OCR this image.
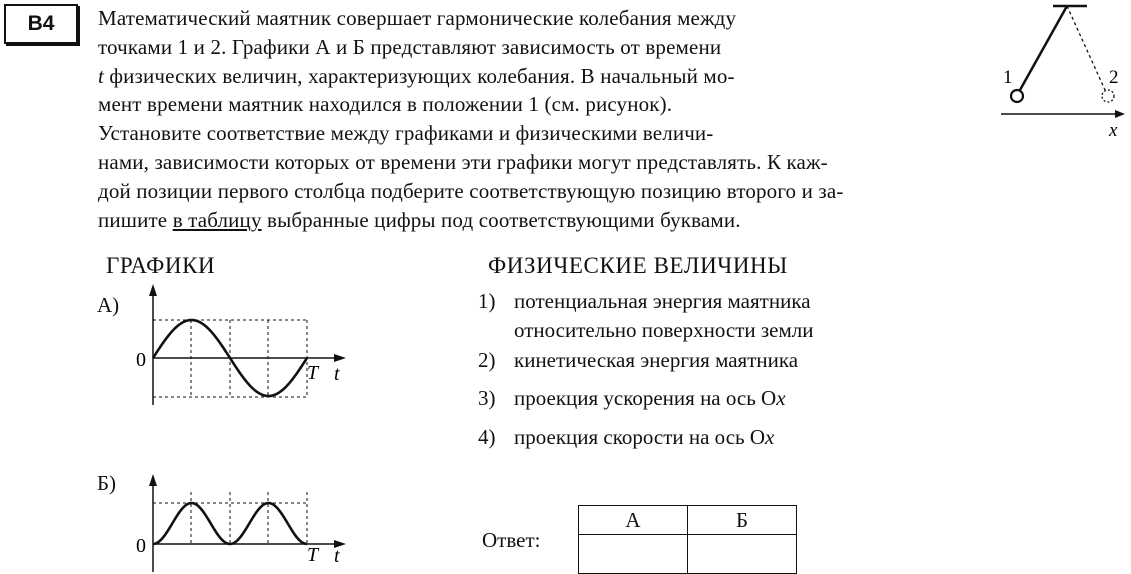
В4	Математический маятник совершает гармонические колебания между
точками 1 и 2. Графики А и Б представляют зависимость от времени
t физических величин, характеризующих колебания. В начальный мо-
мент времени маятник находился в положении 1 (см. рисунок).
Установите соответствие между графиками и физическими величи-
нами, зависимости которых от времени эти графики могут представлять. К каж-
дой позиции первого столбца подберите соответствующую позицию второго и за-
пишите в таблицу выбранные цифры под соответствующими буквами.
1	2
x
ГРАФИКИ	ФИЗИЧЕСКИЕ ВЕЛИЧИНЫ
А)
0
T t
Б)
0	T t
1) потенциальная энергия маятника
относительно поверхности земли
2) кинетическая энергия маятника
3) проекция ускорения на ось Ox
4) проекция скорости на ось Ox
Ответ:
А	Б
